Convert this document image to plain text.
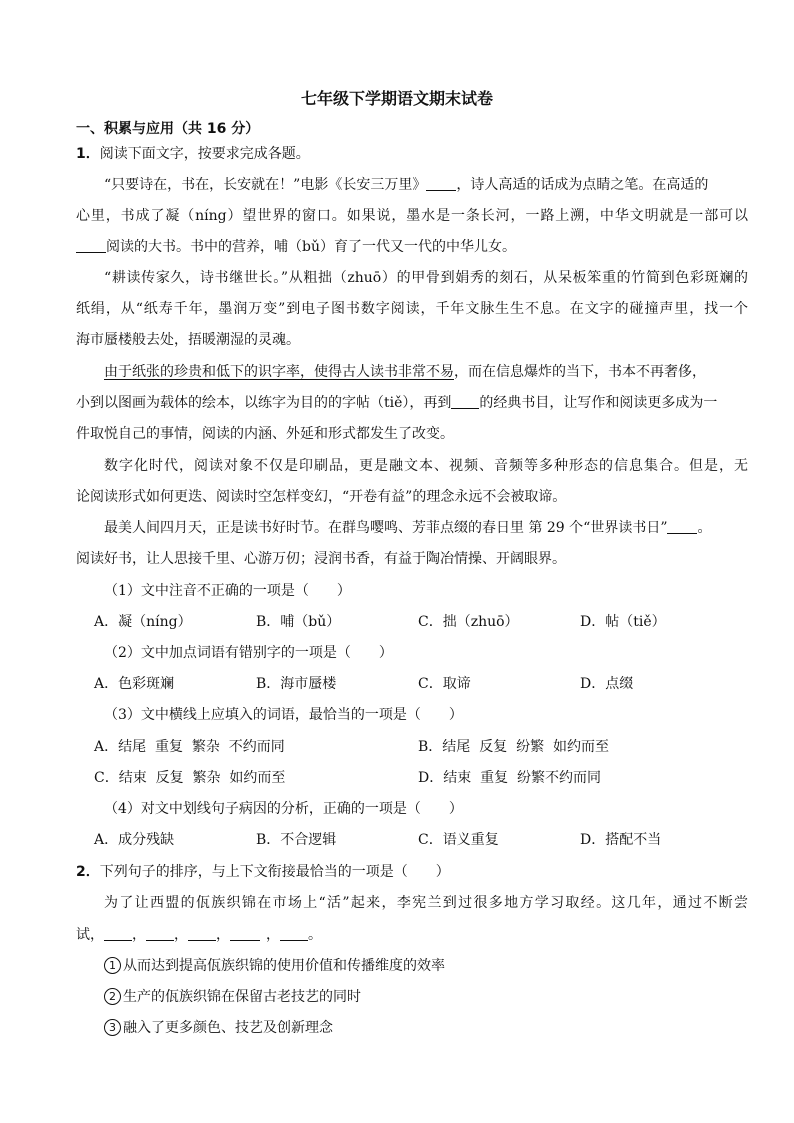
七年级下学期语文期末试卷
一、积累与应用（共 16 分）
1．阅读下面文字，按要求完成各题。
“只要诗在，书在，长安就在！”电影《长安三万里》 ，诗人高适的话成为点睛之笔。在高适的
心里，书成了凝（níng）望世界的窗口。如果说，墨水是一条长河，一路上溯，中华文明就是一部可以
阅读的大书。书中的营养，哺（bǔ）育了一代又一代的中华儿女。
“耕读传家久，诗书继世长。”从粗拙（zhuō）的甲骨到娟秀的刻石，从呆板笨重的竹简到色彩斑斓的
纸绢，从“纸寿千年，墨润万变”到电子图书数字阅读，千年文脉生生不息。在文字的碰撞声里，找一个
海市蜃楼般去处，捂暖潮湿的灵魂。
由于纸张的珍贵和低下的识字率，使得古人读书非常不易，而在信息爆炸的当下，书本不再奢侈，
小到以图画为载体的绘本，以练字为目的的字帖（tiě），再到 的经典书目，让写作和阅读更多成为一
件取悦自己的事情，阅读的内涵、外延和形式都发生了改变。
数字化时代，阅读对象不仅是印刷品，更是融文本、视频、音频等多种形态的信息集合。但是，无
论阅读形式如何更迭、阅读时空怎样变幻，“开卷有益”的理念永远不会被取谛。
最美人间四月天，正是读书好时节。在群鸟嘤鸣、芳菲点缀的春日里 第 29 个“世界读书日” 。
阅读好书，让人思接千里、心游万仞；浸润书香，有益于陶冶情操、开阔眼界。
（1）文中注音不正确的一项是（　　）
A．凝（níng）	B．哺（bǔ）	C．拙（zhuō）	D．帖（tiě）
（2）文中加点词语有错别字的一项是（　　）
A．色彩斑斓	B．海市蜃楼	C．取谛	D．点缀
（3）文中横线上应填入的词语，最恰当的一项是（　　）
A．结尾  重复  繁杂  不约而同	B．结尾  反复  纷繁  如约而至
C．结束  反复  繁杂  如约而至	D．结束  重复  纷繁不约而同
（4）对文中划线句子病因的分析，正确的一项是（　　）
A．成分残缺	B．不合逻辑	C．语义重复	D．搭配不当
2．下列句子的排序，与上下文衔接最恰当的一项是（　　）
为了让西盟的佤族织锦在市场上“活”起来，李宪兰到过很多地方学习取经。这几年，通过不断尝
试， ， ， ，	， 。
1 从而达到提高佤族织锦的使用价值和传播维度的效率
2 生产的佤族织锦在保留古老技艺的同时
3 融入了更多颜色、技艺及创新理念
